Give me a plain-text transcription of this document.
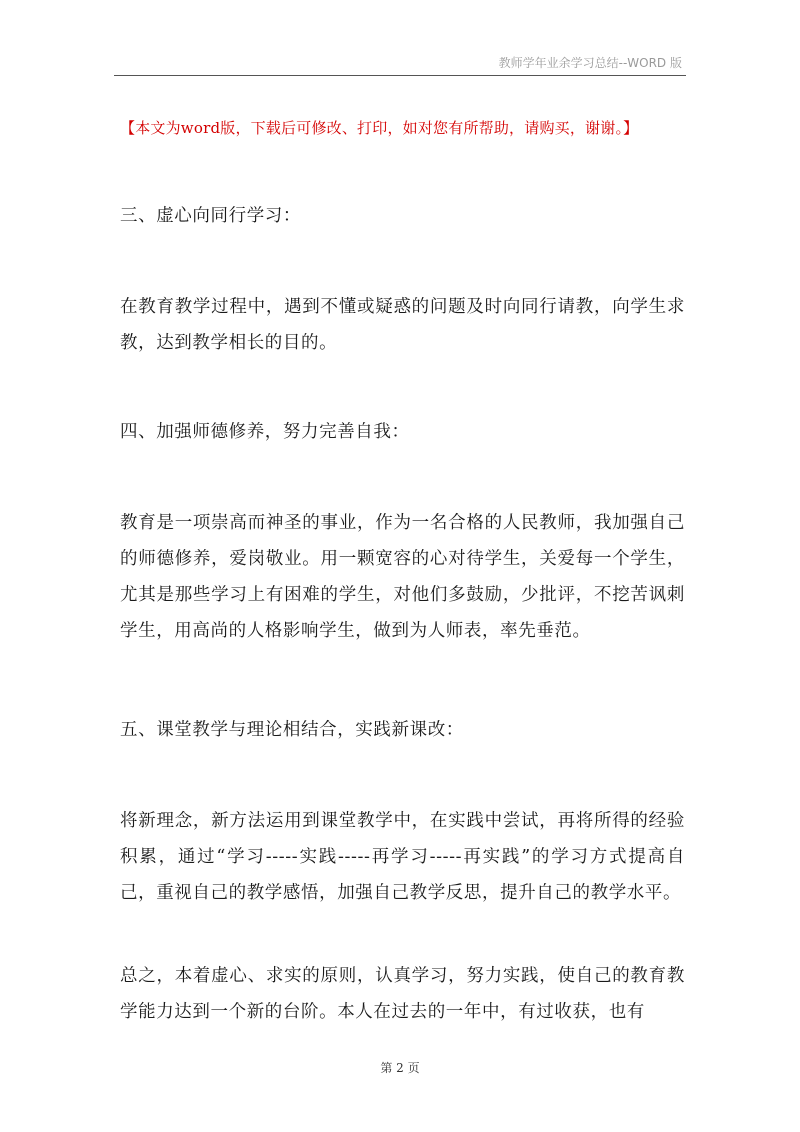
教师学年业余学习总结--WORD 版
【本文为word版，下载后可修改、打印，如对您有所帮助，请购买，谢谢。】

三、虚心向同行学习：

在教育教学过程中，遇到不懂或疑惑的问题及时向同行请教，向学生求教，达到教学相长的目的。

四、加强师德修养，努力完善自我：

教育是一项崇高而神圣的事业，作为一名合格的人民教师，我加强自己的师德修养，爱岗敬业。用一颗宽容的心对待学生，关爱每一个学生，尤其是那些学习上有困难的学生，对他们多鼓励，少批评，不挖苦讽刺学生，用高尚的人格影响学生，做到为人师表，率先垂范。

五、课堂教学与理论相结合，实践新课改：

将新理念，新方法运用到课堂教学中，在实践中尝试，再将所得的经验积累，通过“学习-----实践-----再学习-----再实践”的学习方式提高自己，重视自己的教学感悟，加强自己教学反思，提升自己的教学水平。

总之，本着虚心、求实的原则，认真学习，努力实践，使自己的教育教学能力达到一个新的台阶。本人在过去的一年中，有过收获，也有

第 2 页
